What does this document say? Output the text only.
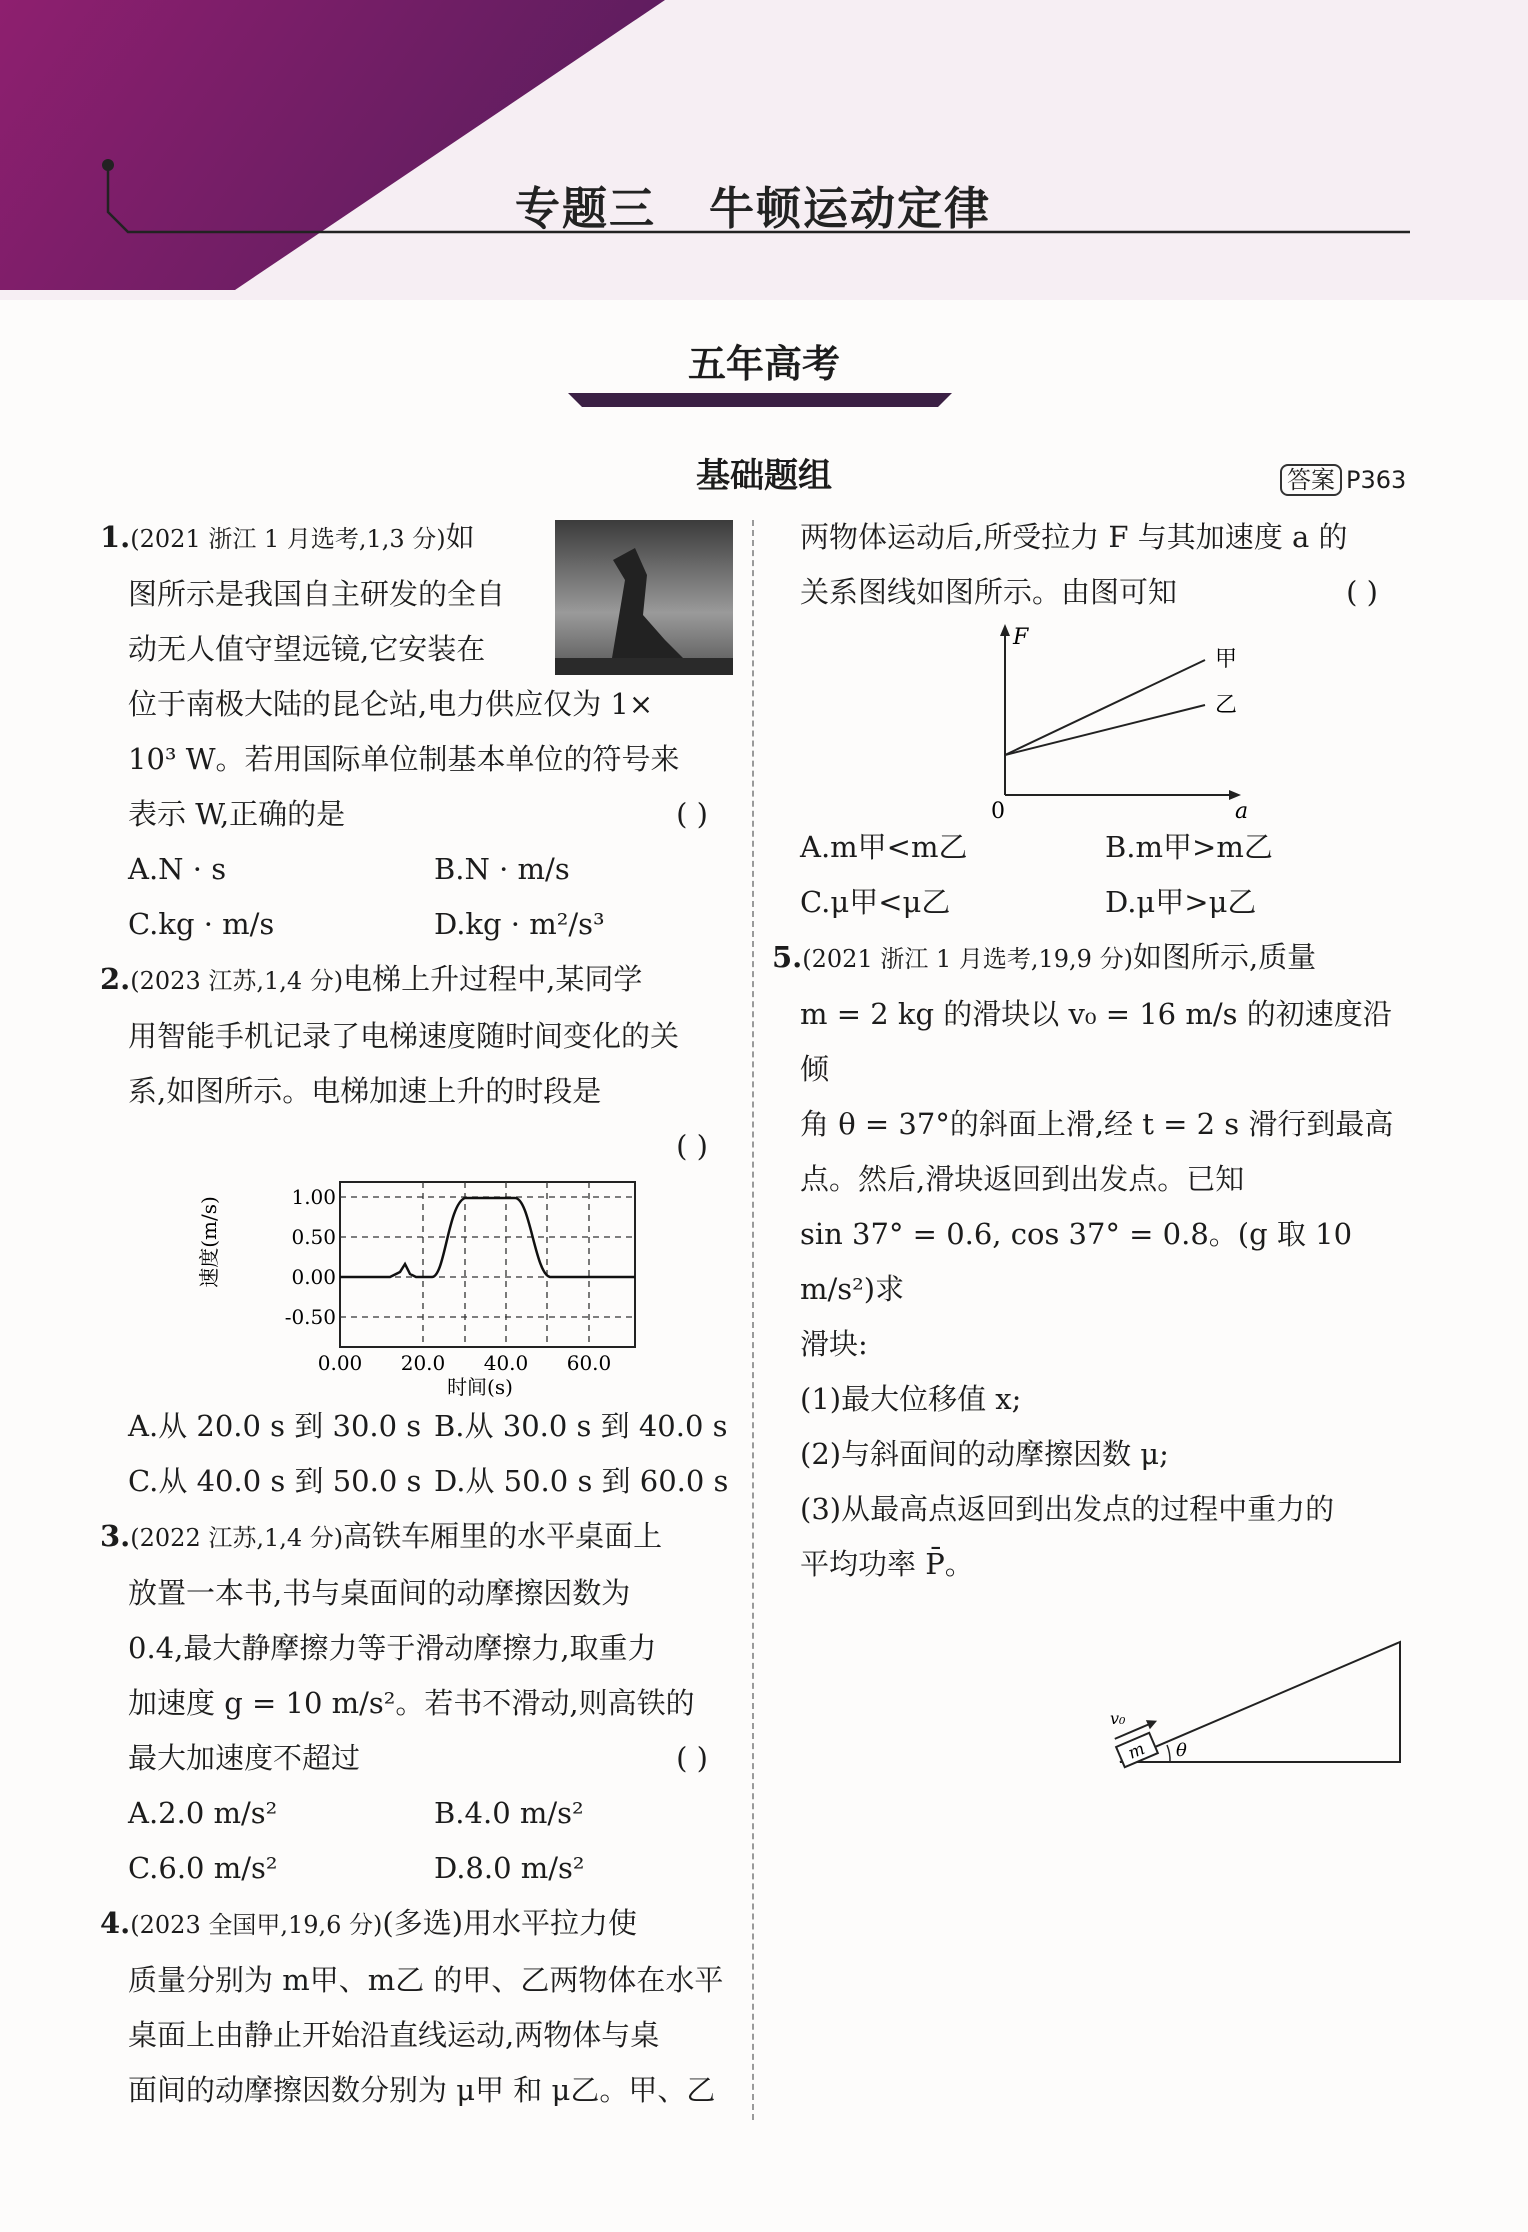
专题三   牛顿运动定律
五年高考
基础题组	答案 P363

1.(2021 浙江 1 月选考,1,3 分)如

图所示是我国自主研发的全自

动无人值守望远镜,它安装在

位于南极大陆的昆仑站,电力供应仅为 1×

10³ W。若用国际单位制基本单位的符号来

表示 W,正确的是	( )

A.N · s	B.N · m/s
C.kg · m/s	D.kg · m²/s³

2.(2023 江苏,1,4 分)电梯上升过程中,某同学

用智能手机记录了电梯速度随时间变化的关

系,如图所示。电梯加速上升的时段是

( )

速度(m/s)	1.00
0.50
0.00
-0.50
0.00 20.0 40.0 60.0
时间(s)
A.从 20.0 s 到 30.0 s B.从 30.0 s 到 40.0 s
C.从 40.0 s 到 50.0 s D.从 50.0 s 到 60.0 s

3.(2022 江苏,1,4 分)高铁车厢里的水平桌面上

放置一本书,书与桌面间的动摩擦因数为

0.4,最大静摩擦力等于滑动摩擦力,取重力

加速度 g = 10 m/s²。若书不滑动,则高铁的

最大加速度不超过	( )

A.2.0 m/s²	B.4.0 m/s²
C.6.0 m/s²	D.8.0 m/s²

4.(2023 全国甲,19,6 分)(多选)用水平拉力使

质量分别为 m甲、m乙 的甲、乙两物体在水平

桌面上由静止开始沿直线运动,两物体与桌

面间的动摩擦因数分别为 μ甲 和 μ乙。甲、乙

两物体运动后,所受拉力 F 与其加速度 a 的

关系图线如图所示。由图可知	( )

F
a
0
甲
乙
A.m甲<m乙	B.m甲>m乙
C.μ甲<μ乙	D.μ甲>μ乙

5.(2021 浙江 1 月选考,19,9 分)如图所示,质量

m = 2 kg 的滑块以 v₀ = 16 m/s 的初速度沿倾

角 θ = 37°的斜面上滑,经 t = 2 s 滑行到最高

点。然后,滑块返回到出发点。已知

sin 37° = 0.6, cos 37° = 0.8。(g 取 10 m/s²)求

滑块:

(1)最大位移值 x;

(2)与斜面间的动摩擦因数 μ;

(3)从最高点返回到出发点的过程中重力的

平均功率 P̄。

m
v₀
θ
